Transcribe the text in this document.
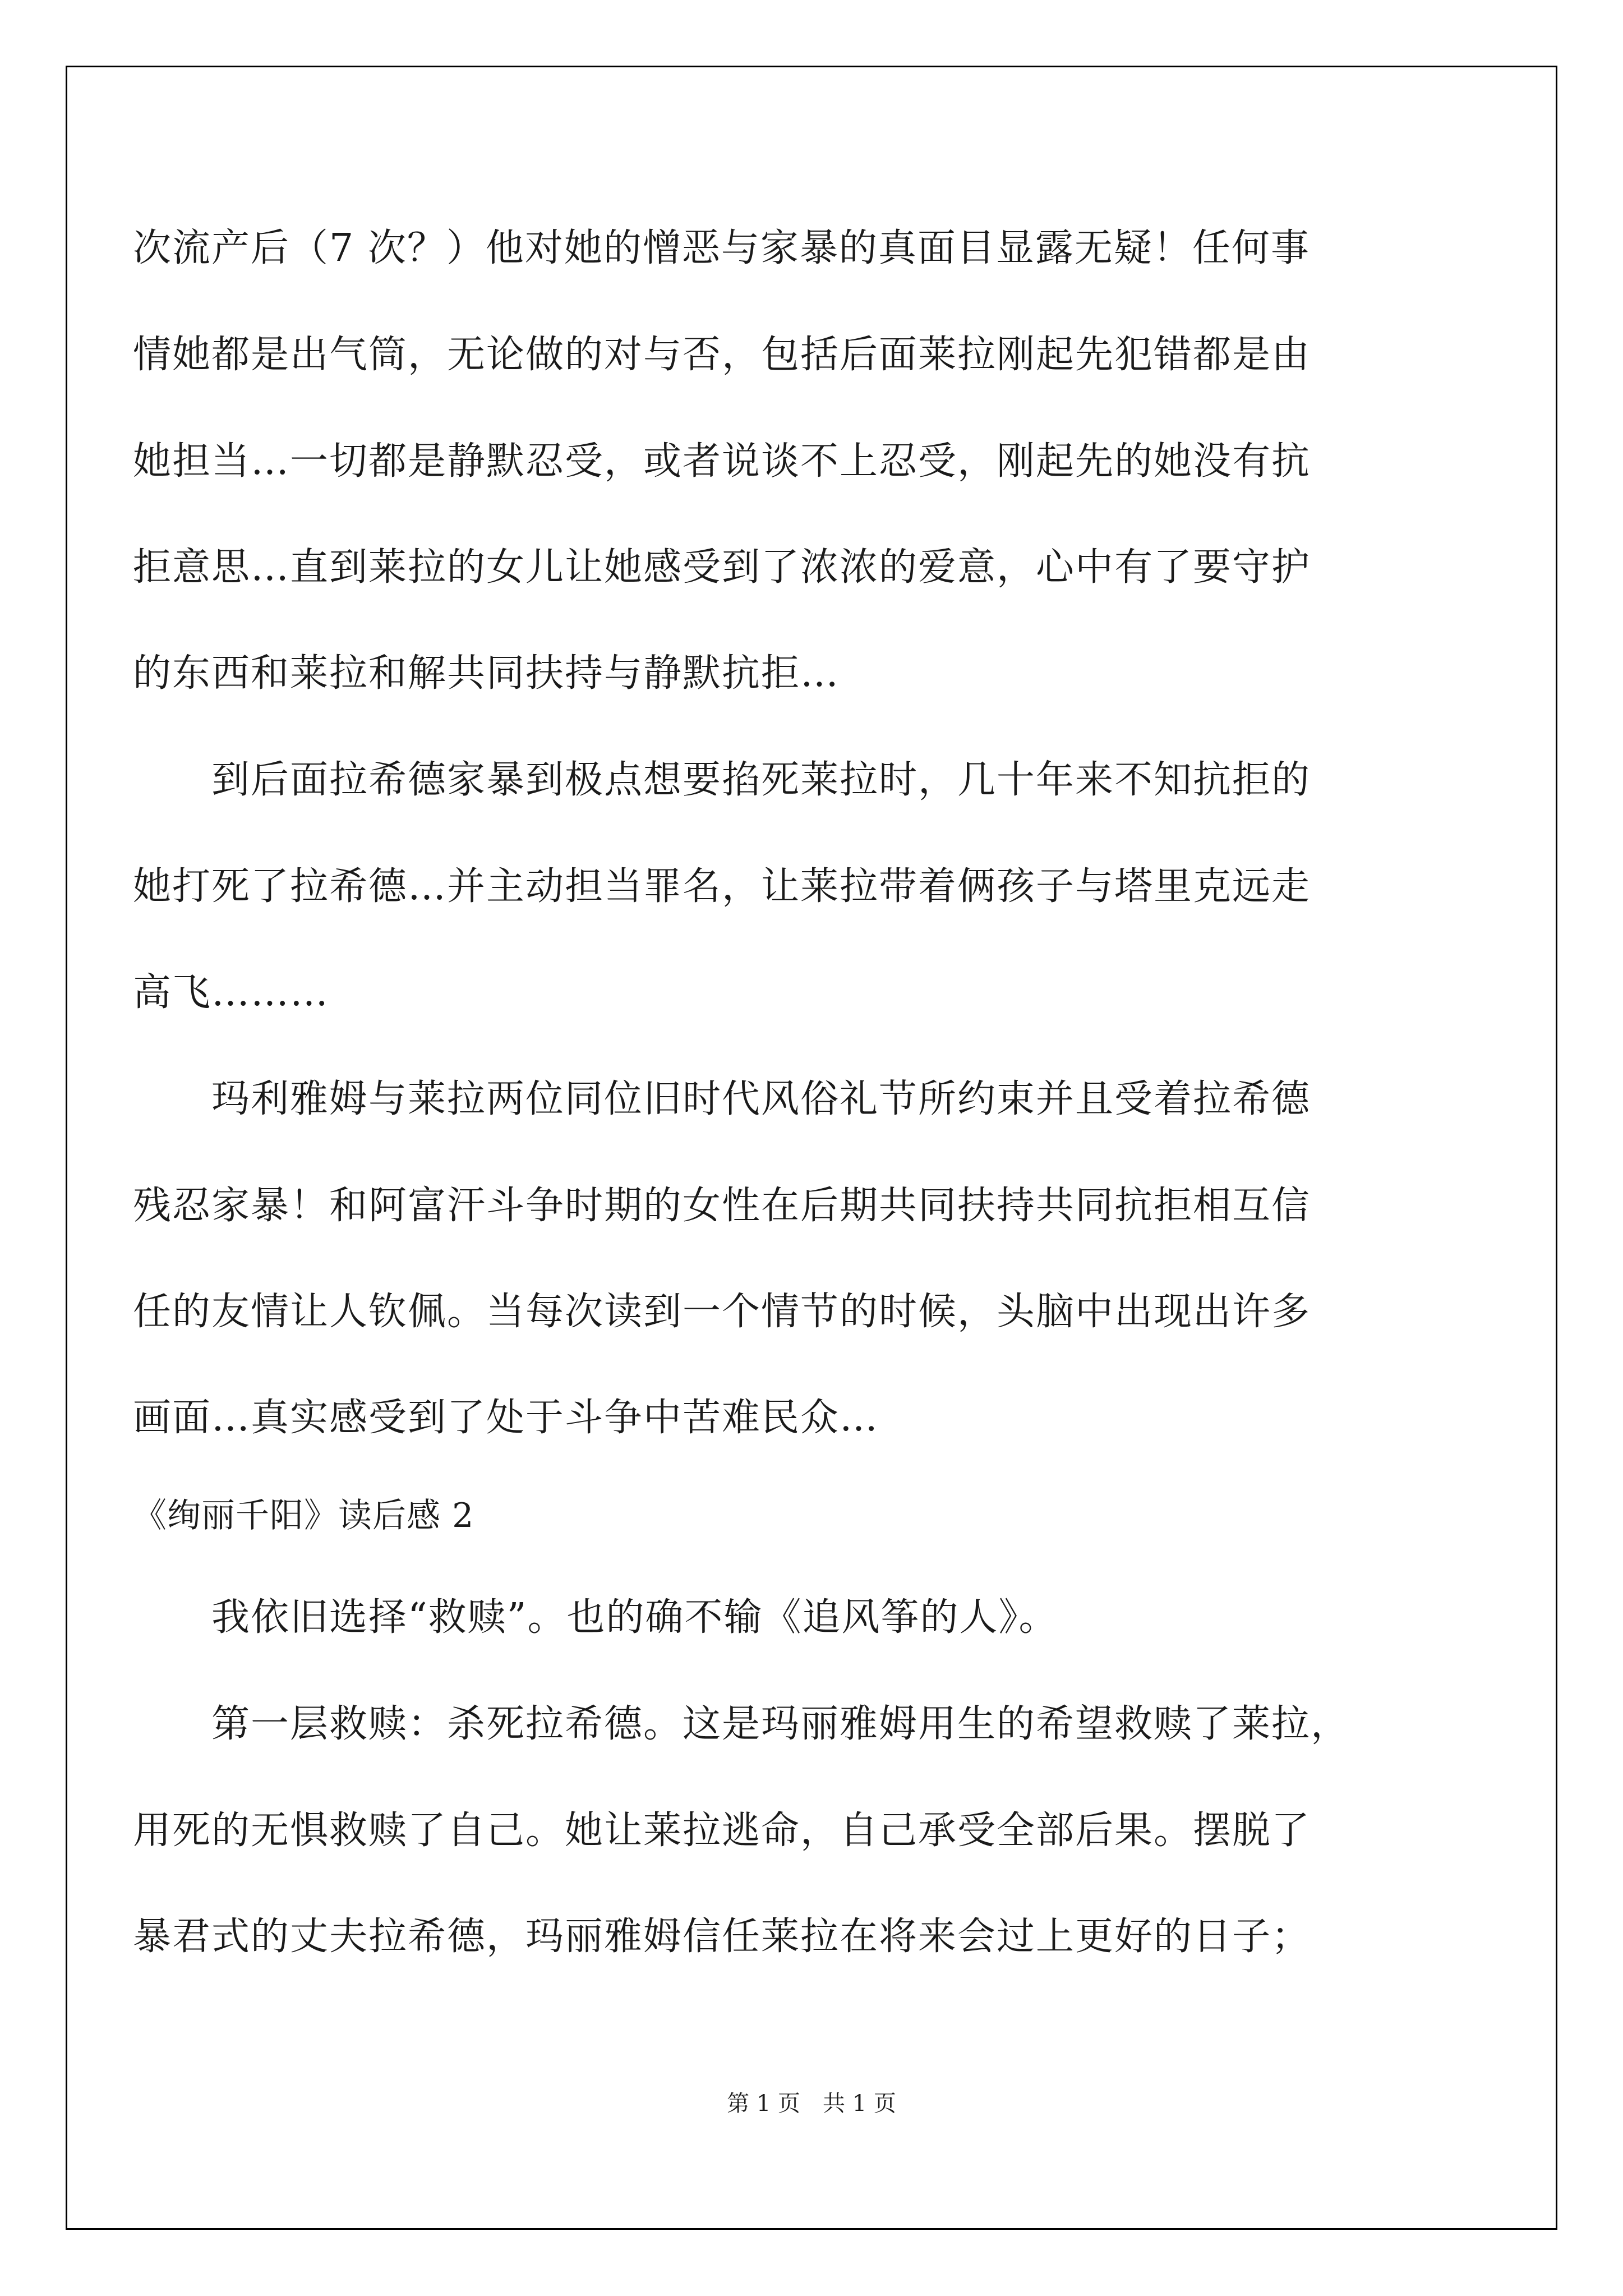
次流产后（7 次？）他对她的憎恶与家暴的真面目显露无疑！任何事
情她都是出气筒，无论做的对与否，包括后面莱拉刚起先犯错都是由
她担当…一切都是静默忍受，或者说谈不上忍受，刚起先的她没有抗
拒意思…直到莱拉的女儿让她感受到了浓浓的爱意，心中有了要守护
的东西和莱拉和解共同扶持与静默抗拒…
　　到后面拉希德家暴到极点想要掐死莱拉时，几十年来不知抗拒的
她打死了拉希德…并主动担当罪名，让莱拉带着俩孩子与塔里克远走
高飞………
　　玛利雅姆与莱拉两位同位旧时代风俗礼节所约束并且受着拉希德
残忍家暴！和阿富汗斗争时期的女性在后期共同扶持共同抗拒相互信
任的友情让人钦佩。当每次读到一个情节的时候，头脑中出现出许多
画面…真实感受到了处于斗争中苦难民众…
《绚丽千阳》读后感 2
　　我依旧选择“救赎”。也的确不输《追风筝的人》。
　　第一层救赎：杀死拉希德。这是玛丽雅姆用生的希望救赎了莱拉，
用死的无惧救赎了自己。她让莱拉逃命，自己承受全部后果。摆脱了
暴君式的丈夫拉希德，玛丽雅姆信任莱拉在将来会过上更好的日子；
第 1 页　共 1 页
